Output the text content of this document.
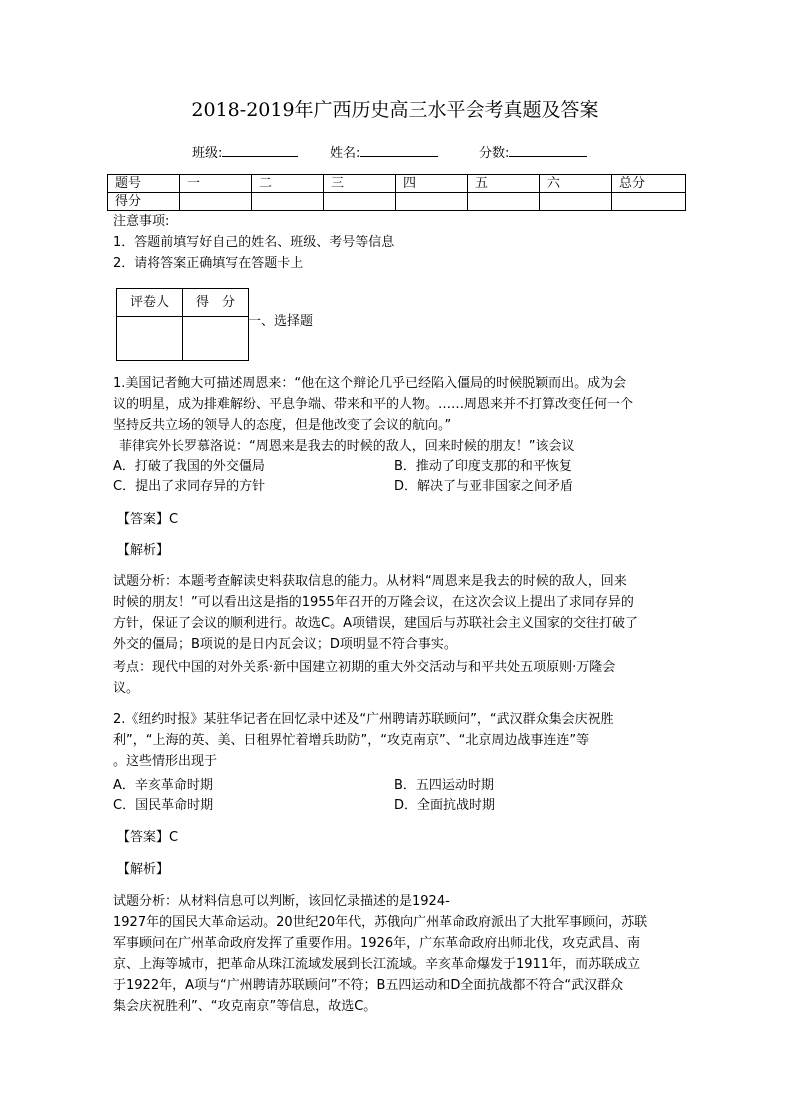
2018-2019年广西历史高三水平会考真题及答案
班级:	姓名:	分数:
题号	一	二	三	四	五	六	总分
得分							
注意事项:
1．答题前填写好自己的姓名、班级、考号等信息
2．请将答案正确填写在答题卡上
评卷人	得　分

一、选择题
1.美国记者鲍大可描述周恩来：“他在这个辩论几乎已经陷入僵局的时候脱颖而出。成为会
议的明星，成为排难解纷、平息争端、带来和平的人物。……周恩来并不打算改变任何一个
坚持反共立场的领导人的态度，但是他改变了会议的航向。”
菲律宾外长罗慕洛说：“周恩来是我去的时候的敌人，回来时候的朋友！”该会议
A．打破了我国的外交僵局	B．推动了印度支那的和平恢复
C．提出了求同存异的方针	D．解决了与亚非国家之间矛盾
【答案】C
【解析】
试题分析：本题考查解读史料获取信息的能力。从材料“周恩来是我去的时候的敌人，回来
时候的朋友！”可以看出这是指的1955年召开的万隆会议，在这次会议上提出了求同存异的
方针，保证了会议的顺利进行。故选C。A项错误，建国后与苏联社会主义国家的交往打破了
外交的僵局；B项说的是日内瓦会议；D项明显不符合事实。
考点：现代中国的对外关系·新中国建立初期的重大外交活动与和平共处五项原则·万隆会
议。
2.《纽约时报》某驻华记者在回忆录中述及“广州聘请苏联顾问”，“武汉群众集会庆祝胜
利”，“上海的英、美、日租界忙着增兵助防”，“攻克南京”、“北京周边战事连连”等
。这些情形出现于
A．辛亥革命时期	B．五四运动时期
C．国民革命时期	D．全面抗战时期
【答案】C
【解析】
试题分析：从材料信息可以判断，该回忆录描述的是1924-
1927年的国民大革命运动。20世纪20年代，苏俄向广州革命政府派出了大批军事顾问，苏联
军事顾问在广州革命政府发挥了重要作用。1926年，广东革命政府出师北伐，攻克武昌、南
京、上海等城市，把革命从珠江流域发展到长江流域。辛亥革命爆发于1911年，而苏联成立
于1922年，A项与“广州聘请苏联顾问”不符；B五四运动和D全面抗战都不符合“武汉群众
集会庆祝胜利”、“攻克南京”等信息，故选C。
